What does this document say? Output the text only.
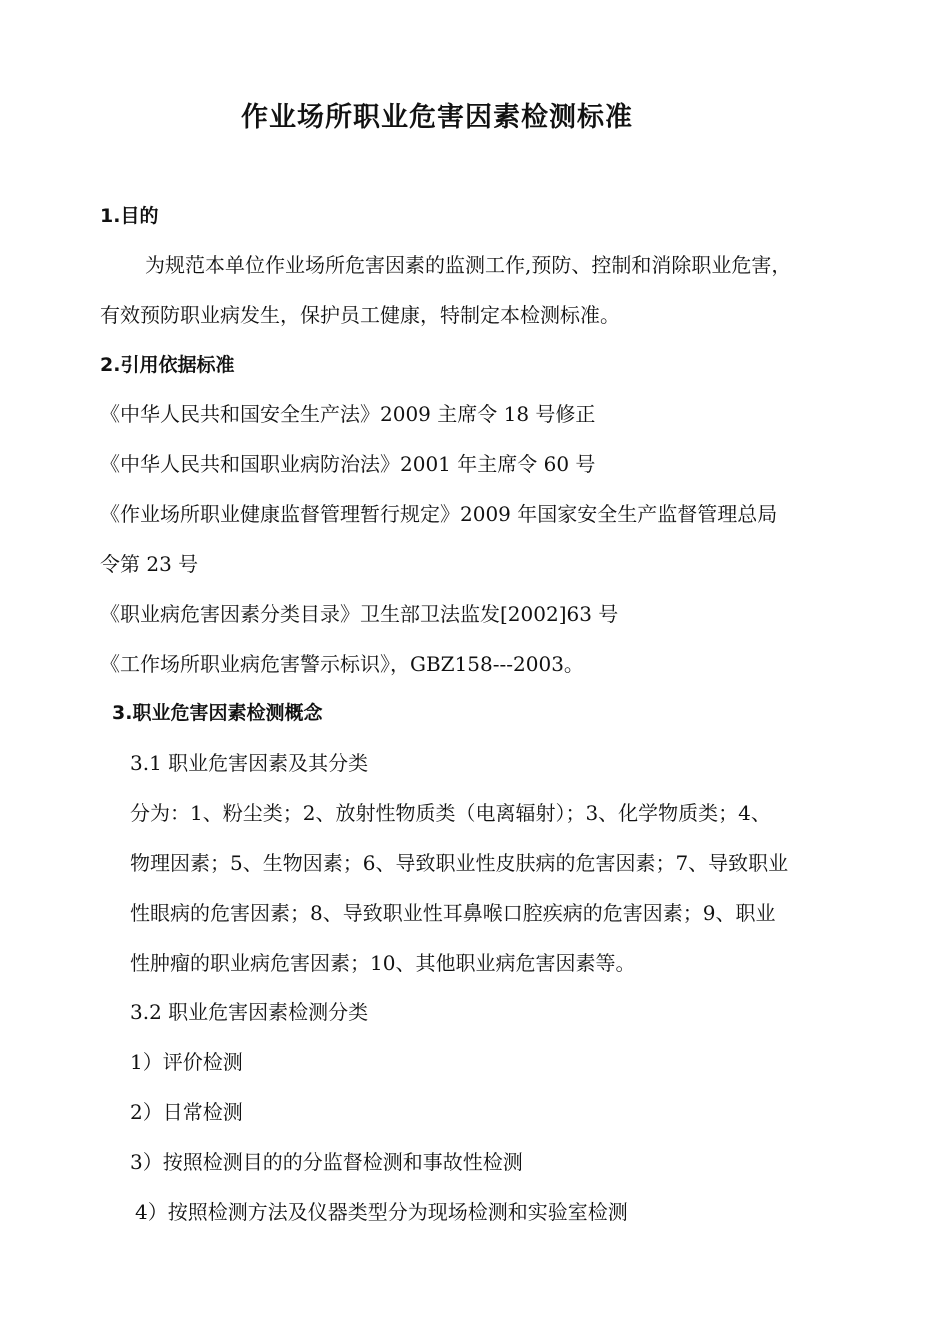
作业场所职业危害因素检测标准
1.目的
为规范本单位作业场所危害因素的监测工作,预防、控制和消除职业危害，
有效预防职业病发生，保护员工健康，特制定本检测标准。
2.引用依据标准
《中华人民共和国安全生产法》2009 主席令 18 号修正
《中华人民共和国职业病防治法》2001 年主席令 60 号
《作业场所职业健康监督管理暂行规定》2009 年国家安全生产监督管理总局
令第 23 号
《职业病危害因素分类目录》卫生部卫法监发[2002]63 号
《工作场所职业病危害警示标识》，GBZ158---2003。
3.职业危害因素检测概念
3.1 职业危害因素及其分类
分为：1、粉尘类；2、放射性物质类（电离辐射）；3、化学物质类；4、
物理因素；5、生物因素；6、导致职业性皮肤病的危害因素；7、导致职业
性眼病的危害因素；8、导致职业性耳鼻喉口腔疾病的危害因素；9、职业
性肿瘤的职业病危害因素；10、其他职业病危害因素等。
3.2 职业危害因素检测分类
1）评价检测
2）日常检测
3）按照检测目的的分监督检测和事故性检测
4）按照检测方法及仪器类型分为现场检测和实验室检测
